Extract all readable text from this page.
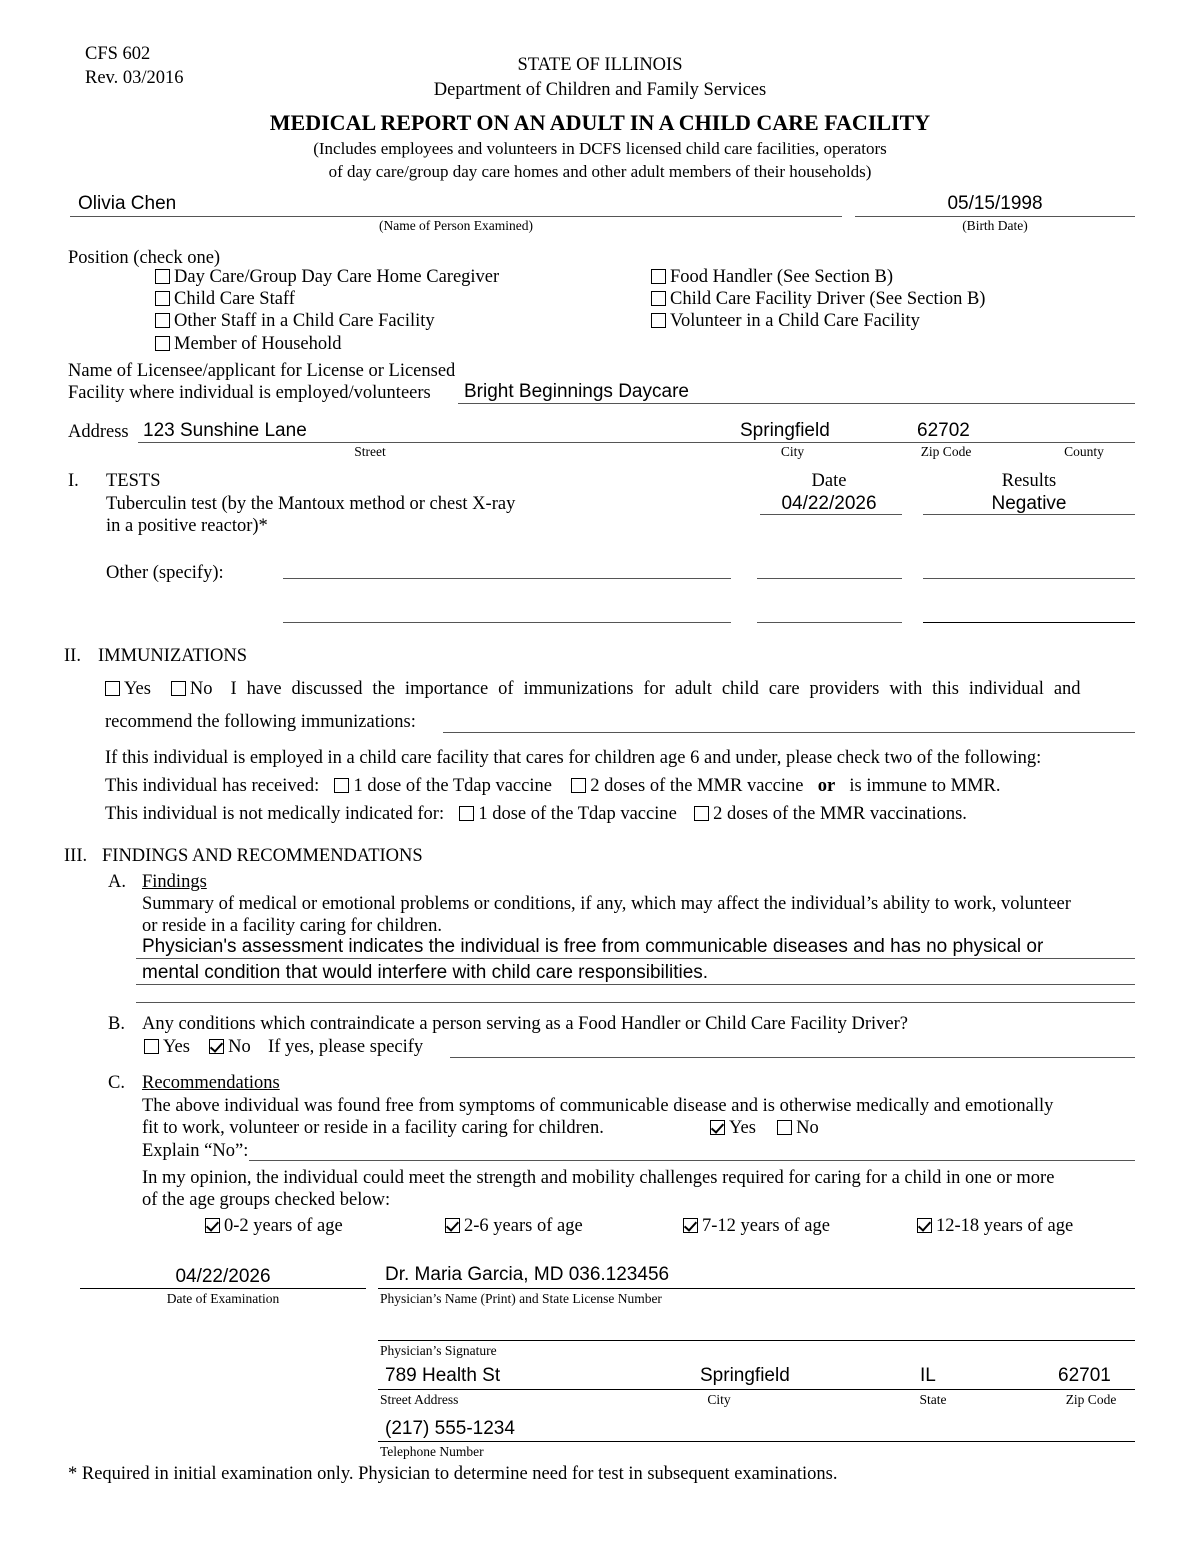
CFS 602
Rev. 03/2016
STATE OF ILLINOIS
Department of Children and Family Services
MEDICAL REPORT ON AN ADULT IN A CHILD CARE FACILITY
(Includes employees and volunteers in DCFS licensed child care facilities, operators
of day care/group day care homes and other adult members of their households)
Olivia Chen
(Name of Person Examined)
05/15/1998
(Birth Date)
Position (check one)
Day Care/Group Day Care Home Caregiver
Child Care Staff
Other Staff in a Child Care Facility
Member of Household
Food Handler (See Section B)
Child Care Facility Driver (See Section B)
Volunteer in a Child Care Facility
Name of Licensee/applicant for License or Licensed
Facility where individual is employed/volunteers Bright Beginnings Daycare
Address 123 Sunshine Lane	Springfield	62702
Street	City	Zip Code	County
I. TESTS	Date	Results
Tuberculin test (by the Mantoux method or chest X-ray
in a positive reactor)*
04/22/2026	Negative
Other (specify):
II. IMMUNIZATIONS
Yes No I have discussed the importance of immunizations for adult child care providers with this individual and
recommend the following immunizations:
If this individual is employed in a child care facility that cares for children age 6 and under, please check two of the following:
This individual has received: 1 dose of the Tdap vaccine 2 doses of the MMR vaccine or is immune to MMR.
This individual is not medically indicated for: 1 dose of the Tdap vaccine 2 doses of the MMR vaccinations.
III. FINDINGS AND RECOMMENDATIONS
A. Findings
Summary of medical or emotional problems or conditions, if any, which may affect the individual’s ability to work, volunteer
or reside in a facility caring for children.
Physician's assessment indicates the individual is free from communicable diseases and has no physical or
mental condition that would interfere with child care responsibilities.
B. Any conditions which contraindicate a person serving as a Food Handler or Child Care Facility Driver?
Yes No If yes, please specify
C. Recommendations
The above individual was found free from symptoms of communicable disease and is otherwise medically and emotionally
fit to work, volunteer or reside in a facility caring for children.	Yes No
Explain “No”:
In my opinion, the individual could meet the strength and mobility challenges required for caring for a child in one or more
of the age groups checked below:
0-2 years of age	2-6 years of age	7-12 years of age	12-18 years of age
04/22/2026
Date of Examination
Dr. Maria Garcia, MD 036.123456
Physician’s Name (Print) and State License Number
Physician’s Signature
789 Health St	Springfield	IL	62701
Street Address	City	State	Zip Code
(217) 555-1234
Telephone Number
* Required in initial examination only. Physician to determine need for test in subsequent examinations.
